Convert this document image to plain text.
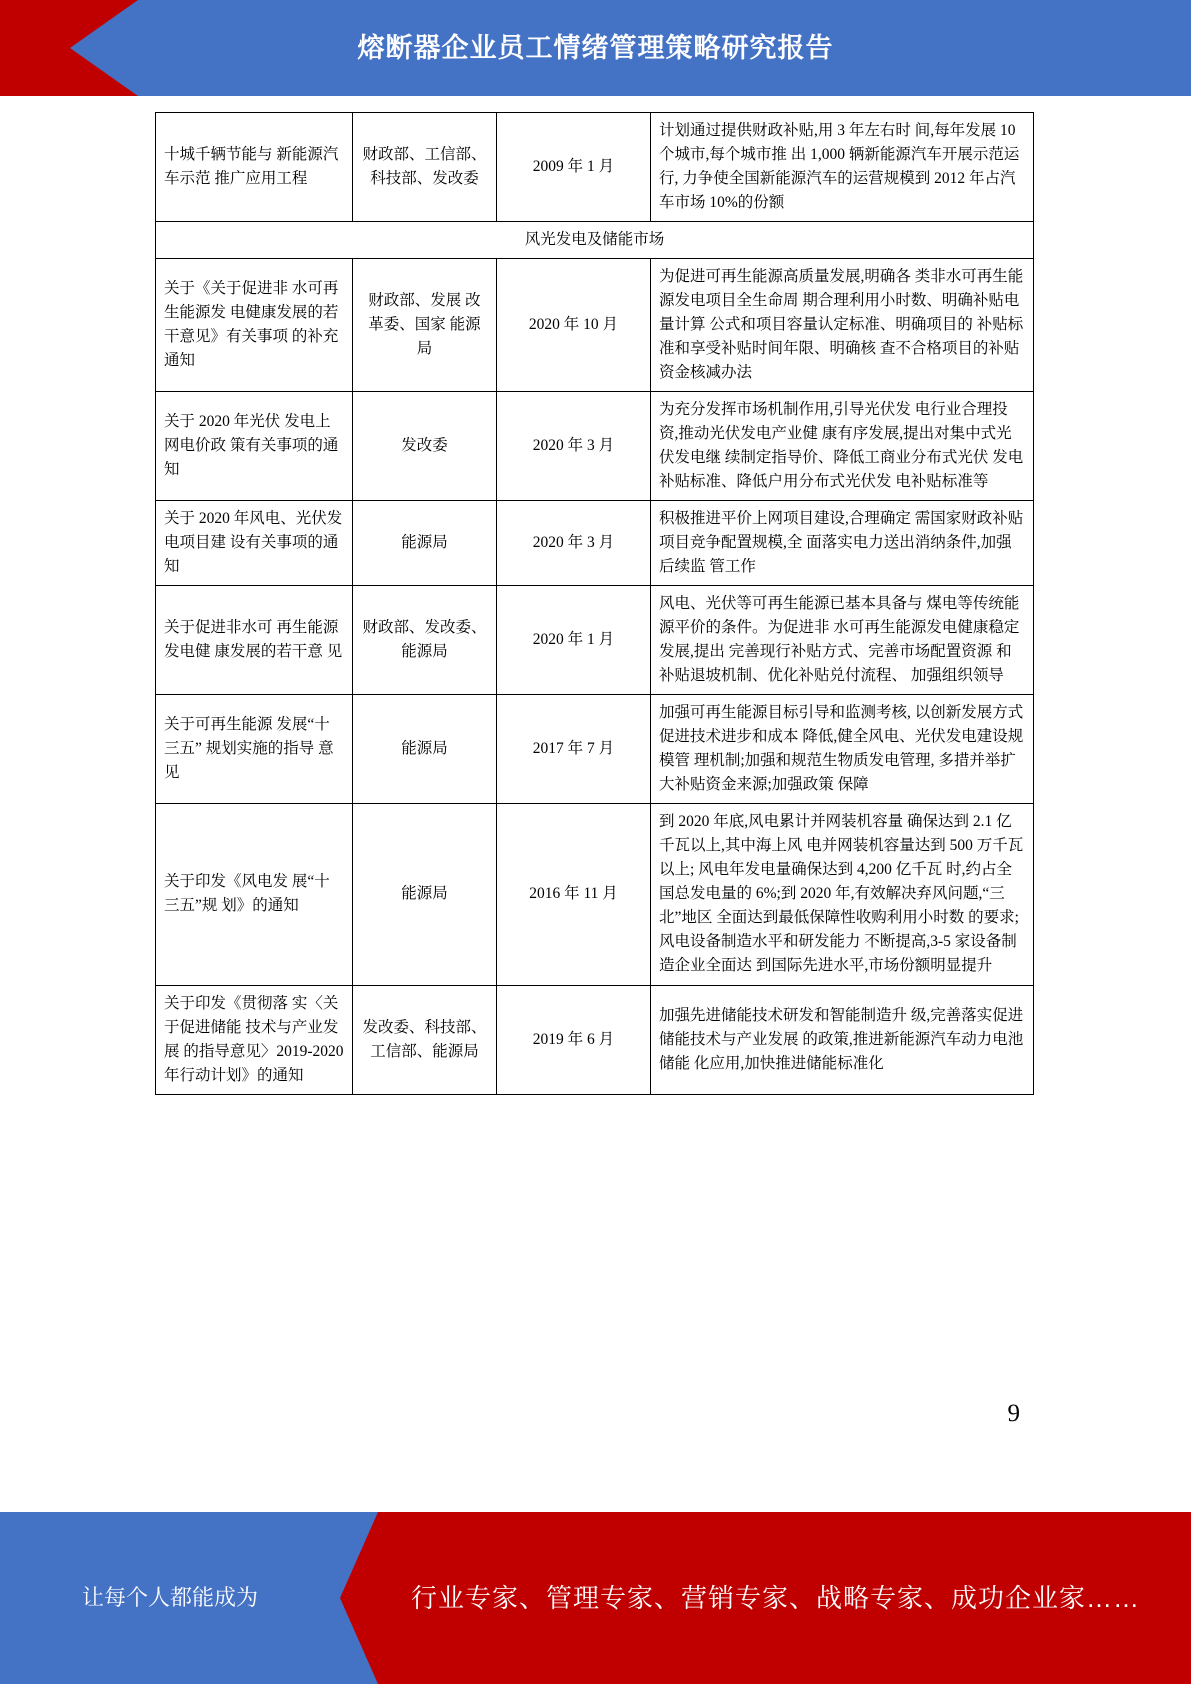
熔断器企业员工情绪管理策略研究报告
十城千辆节能与 新能源汽车示范 推广应用工程	财政部、工信部、科技部、发改委	2009 年 1 月	计划通过提供财政补贴,用 3 年左右时 间,每年发展 10 个城市,每个城市推 出 1,000 辆新能源汽车开展示范运行, 力争使全国新能源汽车的运营规模到 2012 年占汽车市场 10%的份额
风光发电及储能市场			
关于《关于促进非 水可再生能源发 电健康发展的若 干意见》有关事项 的补充通知	财政部、发展 改革委、国家 能源局	2020 年 10 月	为促进可再生能源高质量发展,明确各 类非水可再生能源发电项目全生命周 期合理利用小时数、明确补贴电量计算 公式和项目容量认定标准、明确项目的 补贴标准和享受补贴时间年限、明确核 查不合格项目的补贴资金核减办法
关于 2020 年光伏 发电上网电价政 策有关事项的通 知	发改委	2020 年 3 月	为充分发挥市场机制作用,引导光伏发 电行业合理投资,推动光伏发电产业健 康有序发展,提出对集中式光伏发电继 续制定指导价、降低工商业分布式光伏 发电补贴标准、降低户用分布式光伏发 电补贴标准等
关于 2020 年风电、光伏发电项目建 设有关事项的通 知	能源局	2020 年 3 月	积极推进平价上网项目建设,合理确定 需国家财政补贴项目竞争配置规模,全 面落实电力送出消纳条件,加强后续监 管工作
关于促进非水可 再生能源发电健 康发展的若干意 见	财政部、发改委、能源局	2020 年 1 月	风电、光伏等可再生能源已基本具备与 煤电等传统能源平价的条件。为促进非 水可再生能源发电健康稳定发展,提出 完善现行补贴方式、完善市场配置资源 和补贴退坡机制、优化补贴兑付流程、 加强组织领导
关于可再生能源 发展“十三五” 规划实施的指导 意见	能源局	2017 年 7 月	加强可再生能源目标引导和监测考核, 以创新发展方式促进技术进步和成本 降低,健全风电、光伏发电建设规模管 理机制;加强和规范生物质发电管理, 多措并举扩大补贴资金来源;加强政策 保障
关于印发《风电发 展“十三五”规 划》的通知	能源局	2016 年 11 月	到 2020 年底,风电累计并网装机容量 确保达到 2.1 亿千瓦以上,其中海上风 电并网装机容量达到 500 万千瓦以上; 风电年发电量确保达到 4,200 亿千瓦 时,约占全国总发电量的 6%;到 2020 年,有效解决弃风问题,“三北”地区 全面达到最低保障性收购利用小时数 的要求;风电设备制造水平和研发能力 不断提高,3-5 家设备制造企业全面达 到国际先进水平,市场份额明显提升
关于印发《贯彻落 实〈关于促进储能 技术与产业发展 的指导意见〉2019-2020 年行动计划》的通知	发改委、科技部、工信部、能源局	2019 年 6 月	加强先进储能技术研发和智能制造升 级,完善落实促进储能技术与产业发展 的政策,推进新能源汽车动力电池储能 化应用,加快推进储能标准化
9
让每个人都能成为	行业专家、管理专家、营销专家、战略专家、成功企业家……
